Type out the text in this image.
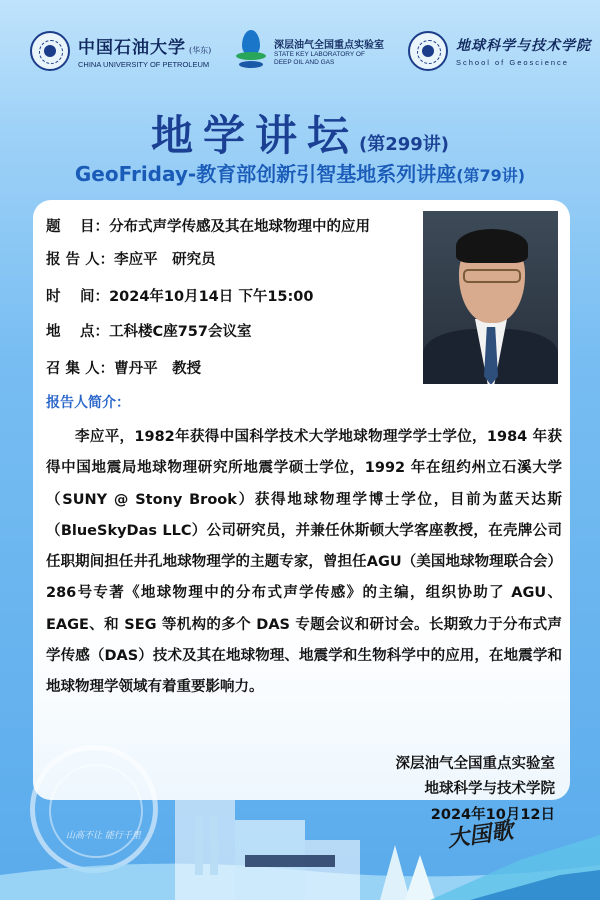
中国石油大学 (华东)
CHINA UNIVERSITY OF PETROLEUM
深层油气全国重点实验室
STATE KEY LABORATORY OF
DEEP OIL AND GAS
地球科学与技术学院
School of Geoscience
地学讲坛(第299讲)
GeoFriday-教育部创新引智基地系列讲座(第79讲)
题　 目：分布式声学传感及其在地球物理中的应用
报 告 人：李应平　研究员
时　 间：2024年10月14日 下午15:00
地　 点：工科楼C座757会议室
召 集 人：曹丹平　教授
报告人简介：
李应平，1982年获得中国科学技术大学地球物理学学士学位，1984 年获得中国地震局地球物理研究所地震学硕士学位，1992 年在纽约州立石溪大学（SUNY @ Stony Brook）获得地球物理学博士学位，目前为蓝天达斯（BlueSkyDas LLC）公司研究员，并兼任休斯顿大学客座教授，在壳牌公司任职期间担任井孔地球物理学的主题专家，曾担任AGU（美国地球物理联合会）286号专著《地球物理中的分布式声学传感》的主编，组织协助了 AGU、EAGE、和 SEG 等机构的多个 DAS 专题会议和研讨会。长期致力于分布式声学传感（DAS）技术及其在地球物理、地震学和生物科学中的应用，在地震学和地球物理学领域有着重要影响力。
山高不让 能行千里	大国歌
深层油气全国重点实验室
地球科学与技术学院
2024年10月12日
